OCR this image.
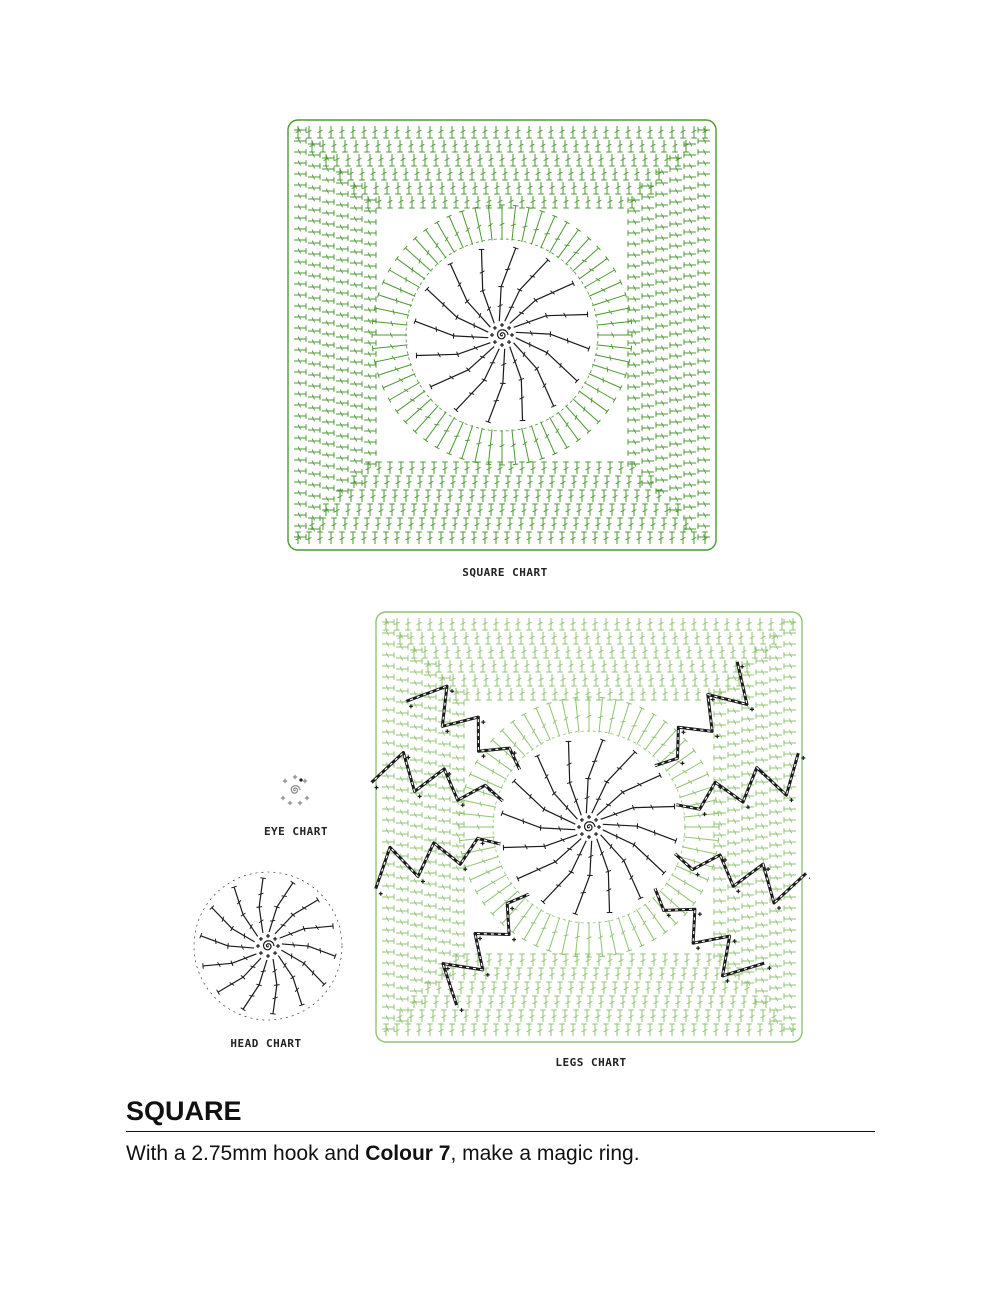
SQUARE CHART
LEGS CHART
EYE CHART
HEAD CHART
SQUARE
With a 2.75mm hook and Colour 7, make a magic ring.
